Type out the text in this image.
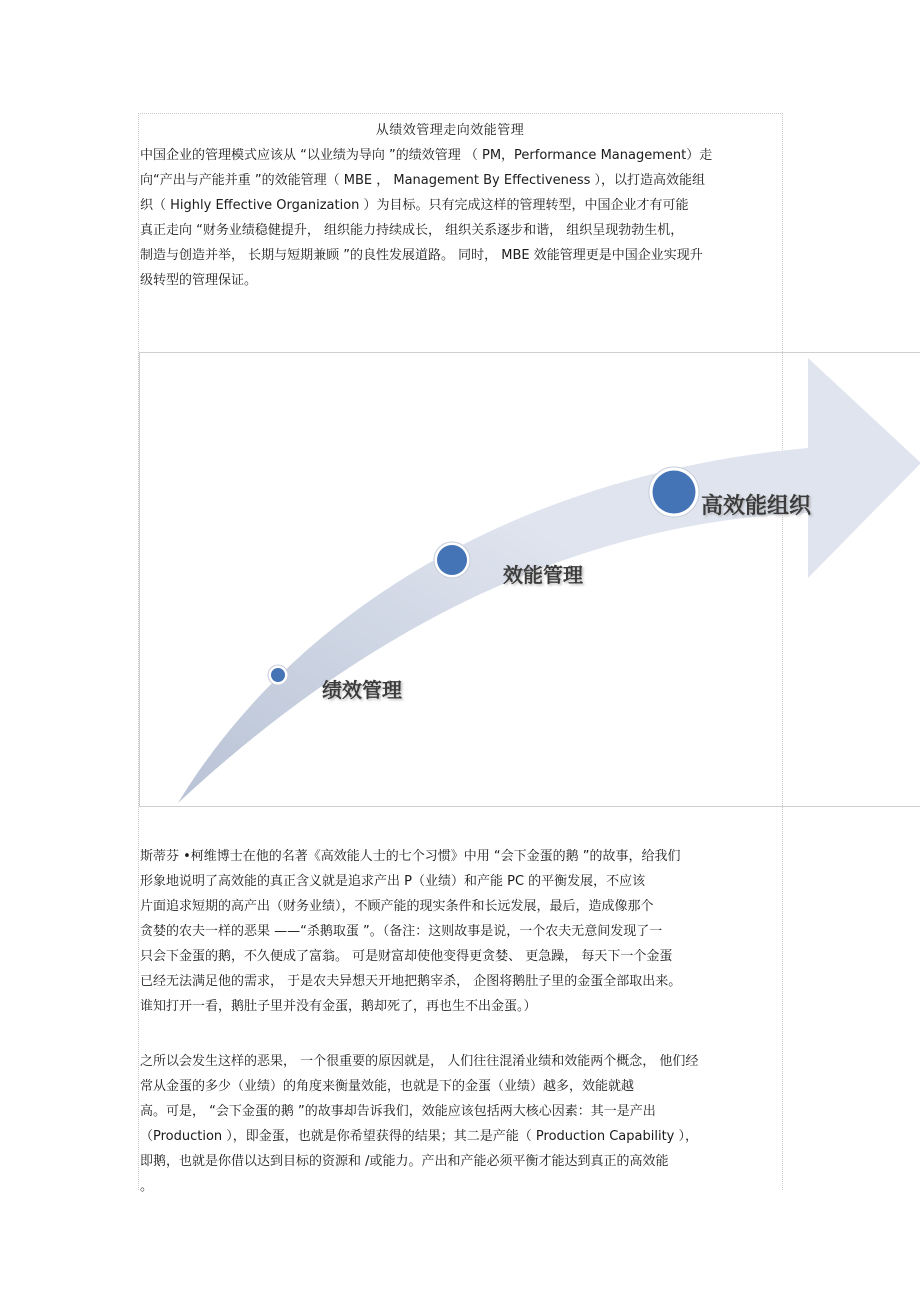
从绩效管理走向效能管理

中国企业的管理模式应该从 “以业绩为导向 ”的绩效管理 （ PM，Performance Management）走

向“产出与产能并重 ”的效能管理（ MBE ， Management By Effectiveness ），以打造高效能组

织（ Highly Effective Organization ）为目标。只有完成这样的管理转型，中国企业才有可能

真正走向 “财务业绩稳健提升， 组织能力持续成长， 组织关系逐步和谐， 组织呈现勃勃生机，

制造与创造并举， 长期与短期兼顾 ”的良性发展道路。 同时， MBE 效能管理更是中国企业实现升

级转型的管理保证。

绩效管理
效能管理
高效能组织

斯蒂芬 •柯维博士在他的名著《高效能人士的七个习惯》中用 “会下金蛋的鹅 ”的故事，给我们

形象地说明了高效能的真正含义就是追求产出 P（业绩）和产能 PC 的平衡发展，不应该

片面追求短期的高产出（财务业绩），不顾产能的现实条件和长远发展，最后，造成像那个

贪婪的农夫一样的恶果 ——“杀鹅取蛋 ”。（备注：这则故事是说，一个农夫无意间发现了一

只会下金蛋的鹅，不久便成了富翁。 可是财富却使他变得更贪婪、 更急躁， 每天下一个金蛋

已经无法满足他的需求， 于是农夫异想天开地把鹅宰杀， 企图将鹅肚子里的金蛋全部取出来。

谁知打开一看，鹅肚子里并没有金蛋，鹅却死了，再也生不出金蛋。）

之所以会发生这样的恶果， 一个很重要的原因就是， 人们往往混淆业绩和效能两个概念， 他们经

常从金蛋的多少（业绩）的角度来衡量效能，也就是下的金蛋（业绩）越多，效能就越

高。可是， “会下金蛋的鹅 ”的故事却告诉我们，效能应该包括两大核心因素：其一是产出

（Production ），即金蛋，也就是你希望获得的结果；其二是产能（ Production Capability ），

即鹅，也就是你借以达到目标的资源和 /或能力。产出和产能必须平衡才能达到真正的高效能

。
